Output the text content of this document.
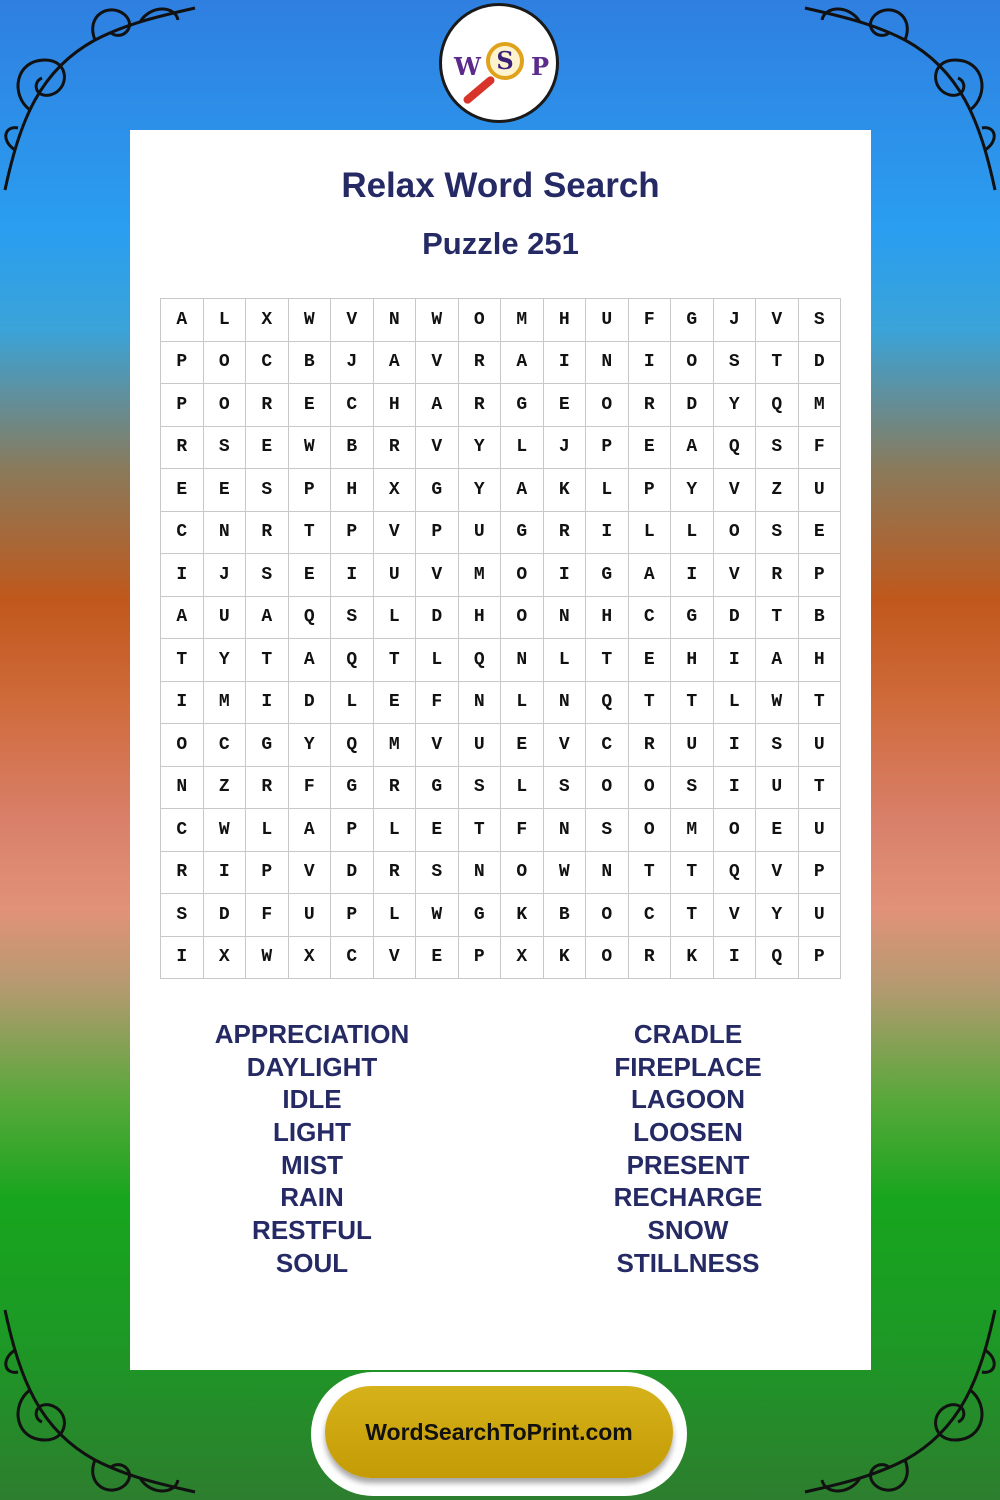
W S P
Relax Word Search
Puzzle 251
A	L	X	W	V	N	W	O	M	H	U	F	G	J	V	S
P	O	C	B	J	A	V	R	A	I	N	I	O	S	T	D
P	O	R	E	C	H	A	R	G	E	O	R	D	Y	Q	M
R	S	E	W	B	R	V	Y	L	J	P	E	A	Q	S	F
E	E	S	P	H	X	G	Y	A	K	L	P	Y	V	Z	U
C	N	R	T	P	V	P	U	G	R	I	L	L	O	S	E
I	J	S	E	I	U	V	M	O	I	G	A	I	V	R	P
A	U	A	Q	S	L	D	H	O	N	H	C	G	D	T	B
T	Y	T	A	Q	T	L	Q	N	L	T	E	H	I	A	H
I	M	I	D	L	E	F	N	L	N	Q	T	T	L	W	T
O	C	G	Y	Q	M	V	U	E	V	C	R	U	I	S	U
N	Z	R	F	G	R	G	S	L	S	O	O	S	I	U	T
C	W	L	A	P	L	E	T	F	N	S	O	M	O	E	U
R	I	P	V	D	R	S	N	O	W	N	T	T	Q	V	P
S	D	F	U	P	L	W	G	K	B	O	C	T	V	Y	U
I	X	W	X	C	V	E	P	X	K	O	R	K	I	Q	P
APPRECIATION
DAYLIGHT
IDLE
LIGHT
MIST
RAIN
RESTFUL
SOUL
CRADLE
FIREPLACE
LAGOON
LOOSEN
PRESENT
RECHARGE
SNOW
STILLNESS
WordSearchToPrint.com
